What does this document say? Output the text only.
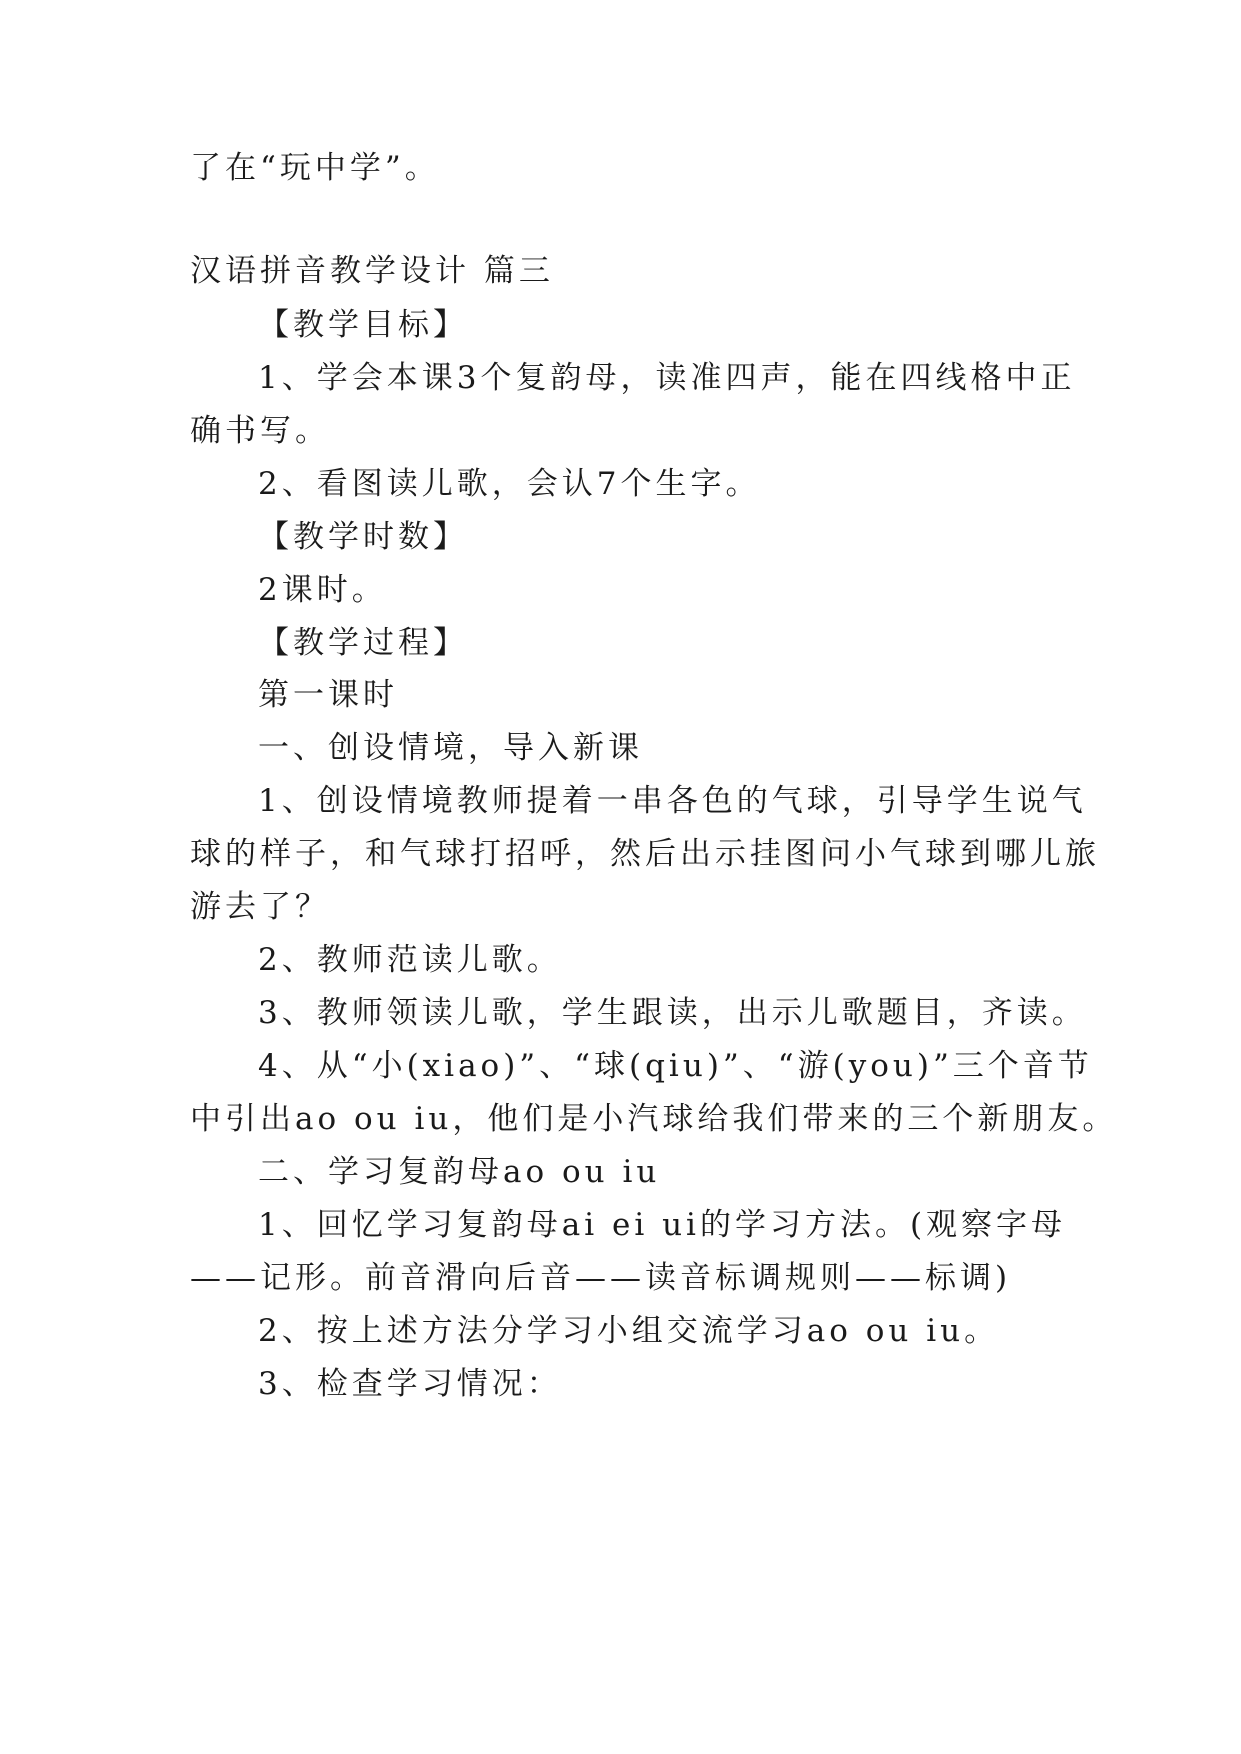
了在“玩中学”。
汉语拼音教学设计 篇三
【教学目标】
1、学会本课3个复韵母，读准四声，能在四线格中正
确书写。
2、看图读儿歌，会认7个生字。
【教学时数】
2课时。
【教学过程】
第一课时
一、创设情境，导入新课
1、创设情境教师提着一串各色的气球，引导学生说气
球的样子，和气球打招呼，然后出示挂图问小气球到哪儿旅
游去了？
2、教师范读儿歌。
3、教师领读儿歌，学生跟读，出示儿歌题目，齐读。
4、从“小(xiao)”、“球(qiu)”、“游(you)”三个音节
中引出ao ou iu，他们是小汽球给我们带来的三个新朋友。
二、学习复韵母ao ou iu
1、回忆学习复韵母ai ei ui的学习方法。(观察字母
——记形。前音滑向后音——读音标调规则——标调)
2、按上述方法分学习小组交流学习ao ou iu。
3、检查学习情况：
